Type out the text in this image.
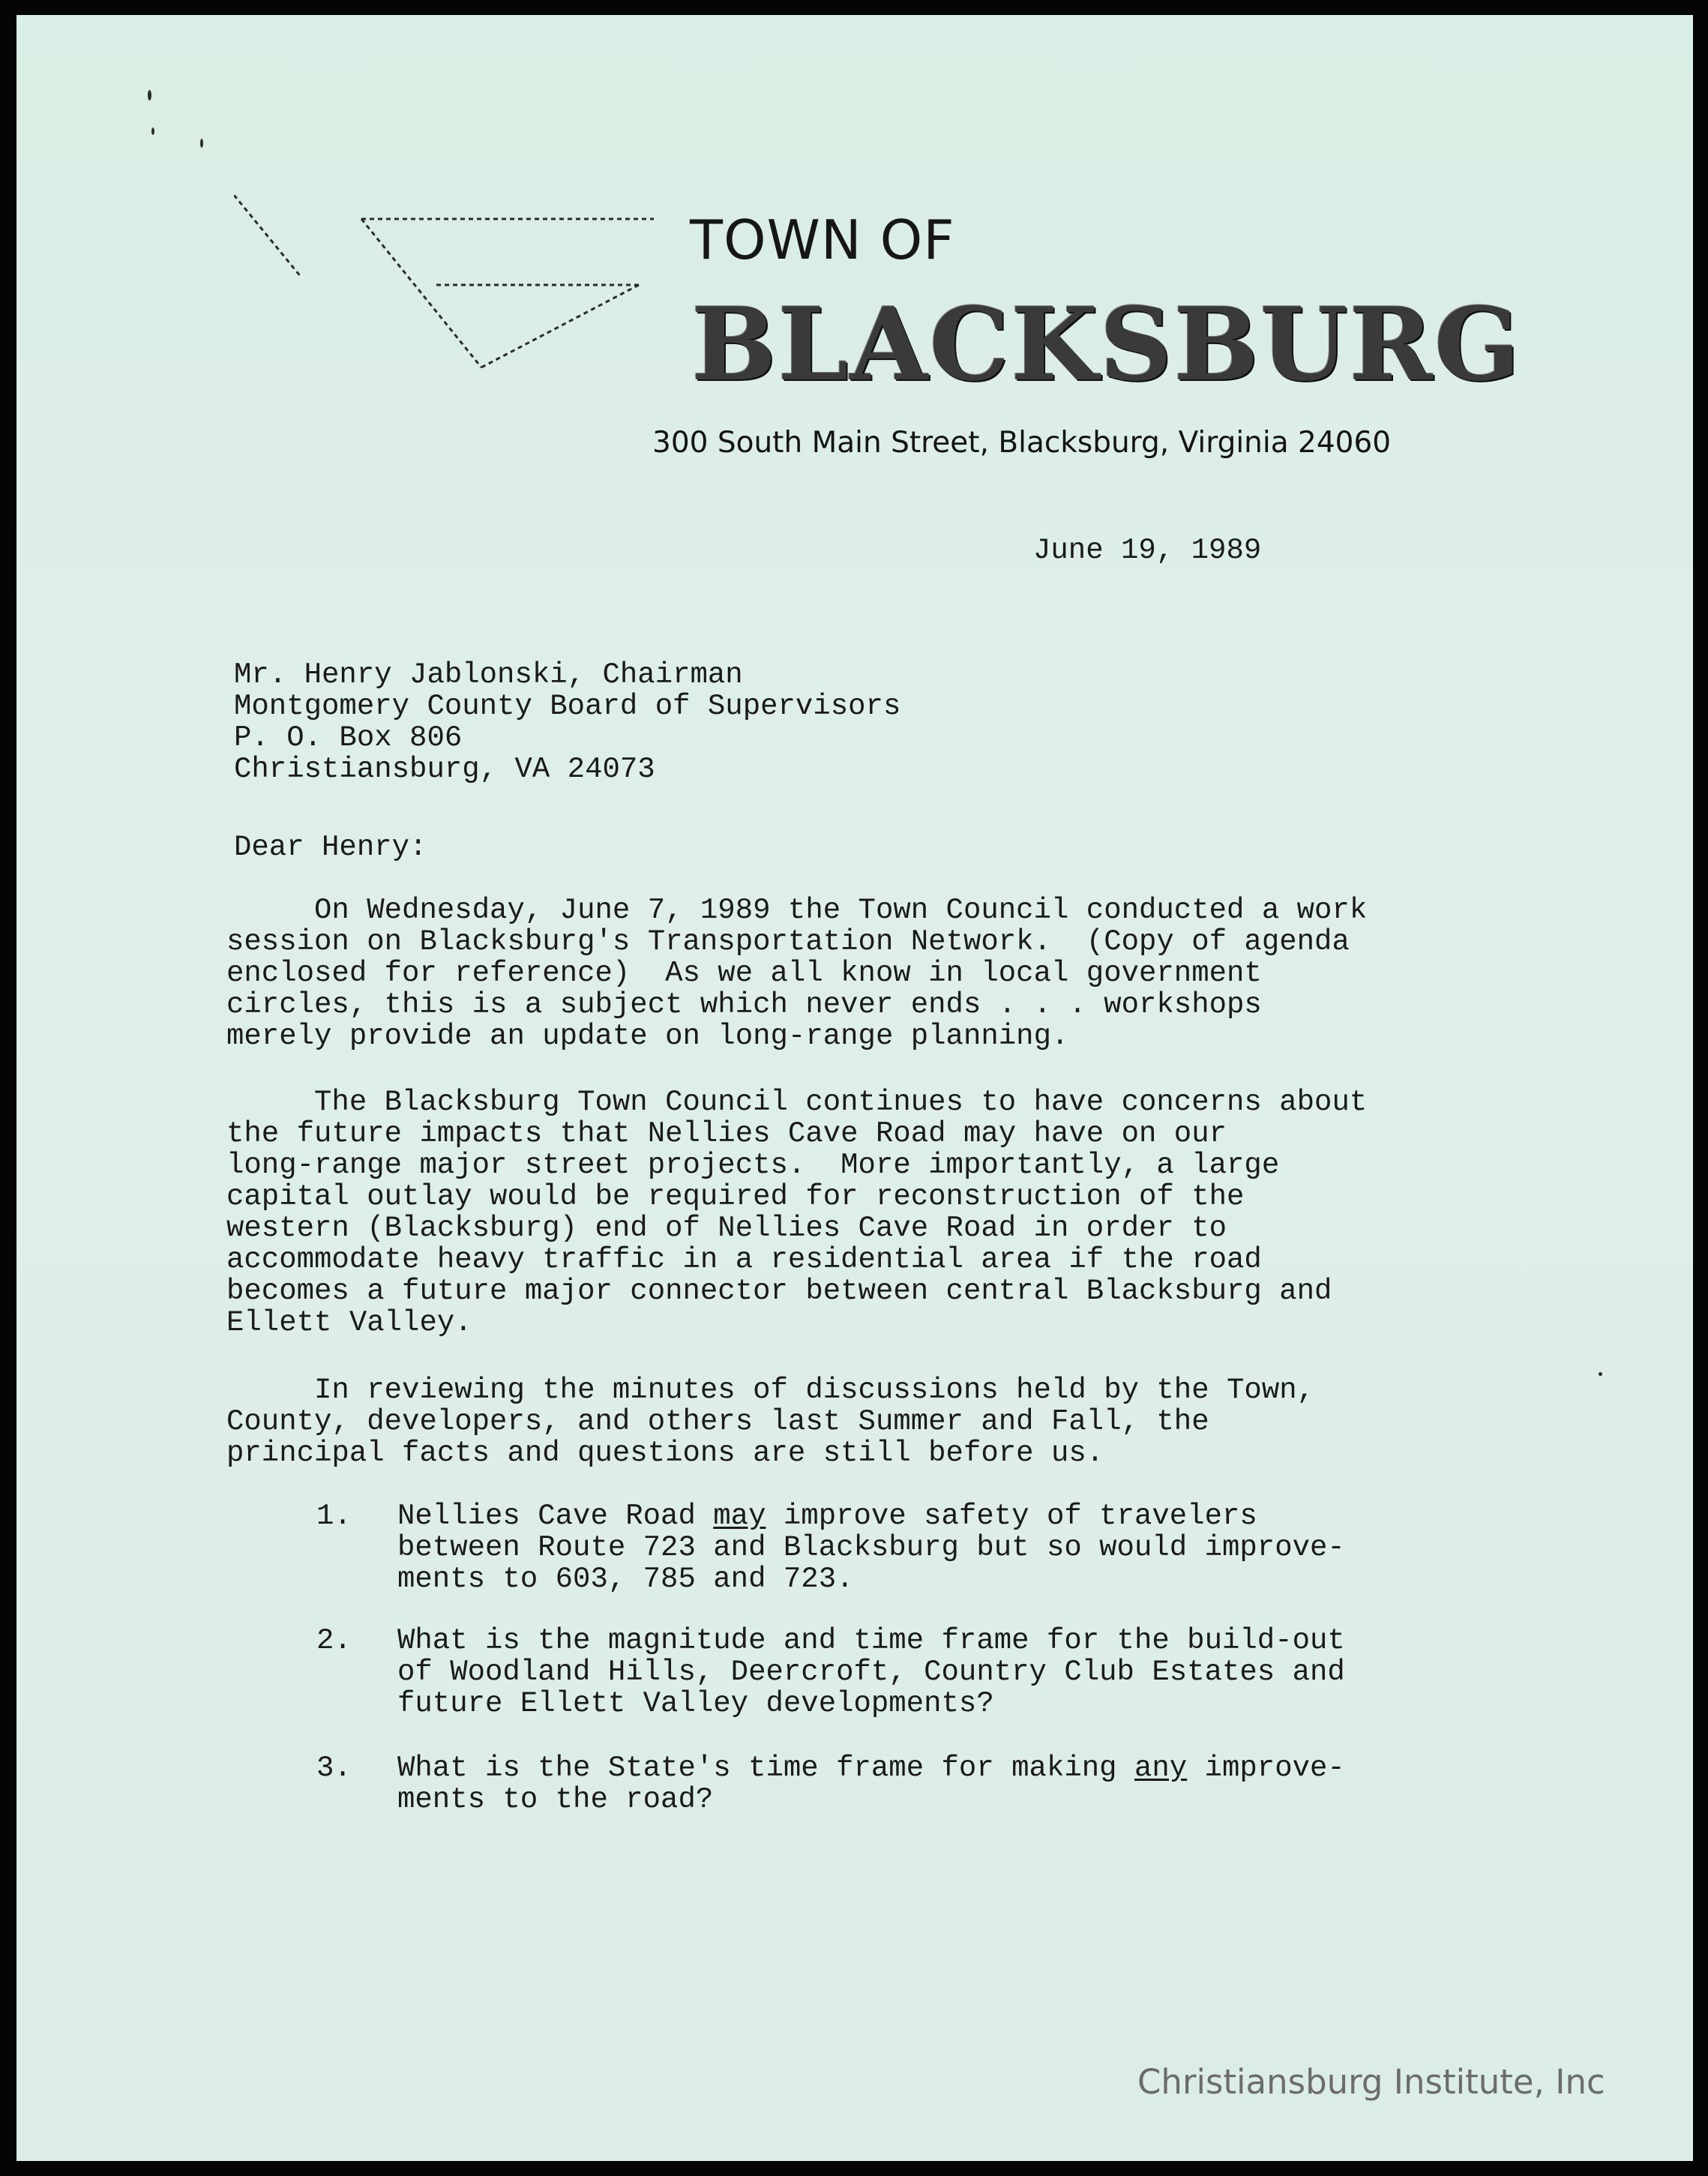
TOWN OF
BLACKSBURG
300 South Main Street, Blacksburg, Virginia 24060
June 19, 1989
Mr. Henry Jablonski, Chairman
Montgomery County Board of Supervisors
P. O. Box 806
Christiansburg, VA 24073
Dear Henry:
On Wednesday, June 7, 1989 the Town Council conducted a work
session on Blacksburg's Transportation Network.  (Copy of agenda
enclosed for reference)  As we all know in local government
circles, this is a subject which never ends . . . workshops
merely provide an update on long-range planning.
The Blacksburg Town Council continues to have concerns about
the future impacts that Nellies Cave Road may have on our
long-range major street projects.  More importantly, a large
capital outlay would be required for reconstruction of the
western (Blacksburg) end of Nellies Cave Road in order to
accommodate heavy traffic in a residential area if the road
becomes a future major connector between central Blacksburg and
Ellett Valley.
In reviewing the minutes of discussions held by the Town,
County, developers, and others last Summer and Fall, the
principal facts and questions are still before us.
1. Nellies Cave Road may improve safety of travelers
between Route 723 and Blacksburg but so would improve-
ments to 603, 785 and 723.
2. What is the magnitude and time frame for the build-out
of Woodland Hills, Deercroft, Country Club Estates and
future Ellett Valley developments?
3. What is the State's time frame for making any improve-
ments to the road?
Christiansburg Institute, Inc
